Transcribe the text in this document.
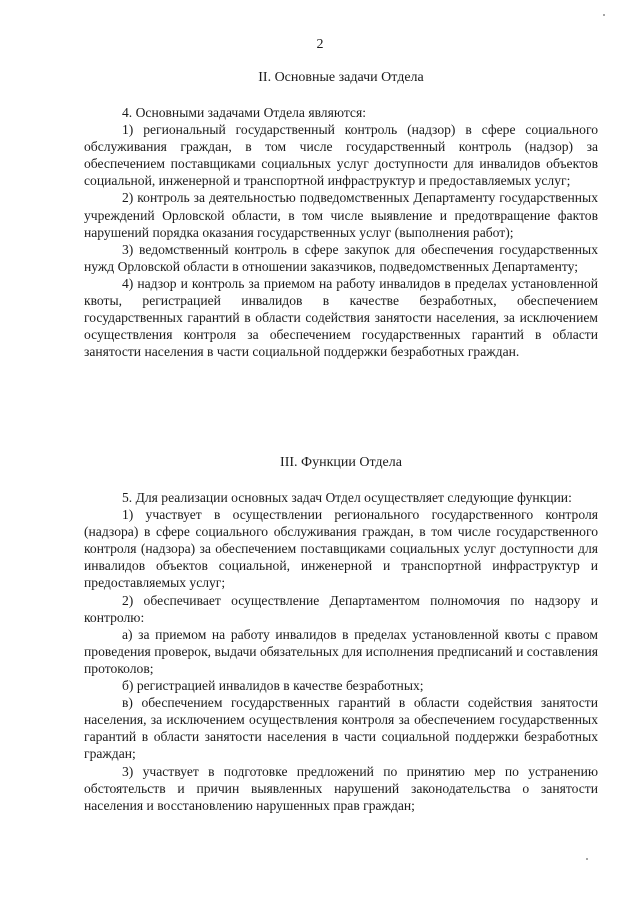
2
II. Основные задачи Отдела

4. Основными задачами Отдела являются:

1) региональный государственный контроль (надзор) в сфере социального обслуживания граждан, в том числе государственный контроль (надзор) за обеспечением поставщиками социальных услуг доступности для инвалидов объектов социальной, инженерной и транспортной инфраструктур и предоставляемых услуг;

2) контроль за деятельностью подведомственных Департаменту государственных учреждений Орловской области, в том числе выявление и предотвращение фактов нарушений порядка оказания государственных услуг (выполнения работ);

3) ведомственный контроль в сфере закупок для обеспечения государственных нужд Орловской области в отношении заказчиков, подведомственных Департаменту;

4) надзор и контроль за приемом на работу инвалидов в пределах установленной квоты, регистрацией инвалидов в качестве безработных, обеспечением государственных гарантий в области содействия занятости населения, за исключением осуществления контроля за обеспечением государственных гарантий в области занятости населения в части социальной поддержки безработных граждан.

III. Функции Отдела

5. Для реализации основных задач Отдел осуществляет следующие функции:

1) участвует в осуществлении регионального государственного контроля (надзора) в сфере социального обслуживания граждан, в том числе государственного контроля (надзора) за обеспечением поставщиками социальных услуг доступности для инвалидов объектов социальной, инженерной и транспортной инфраструктур и предоставляемых услуг;

2) обеспечивает осуществление Департаментом полномочия по надзору и контролю:

а) за приемом на работу инвалидов в пределах установленной квоты с правом проведения проверок, выдачи обязательных для исполнения предписаний и составления протоколов;

б) регистрацией инвалидов в качестве безработных;

в) обеспечением государственных гарантий в области содействия занятости населения, за исключением осуществления контроля за обеспечением государственных гарантий в области занятости населения в части социальной поддержки безработных граждан;

3) участвует в подготовке предложений по принятию мер по устранению обстоятельств и причин выявленных нарушений законодательства о занятости населения и восстановлению нарушенных прав граждан;
